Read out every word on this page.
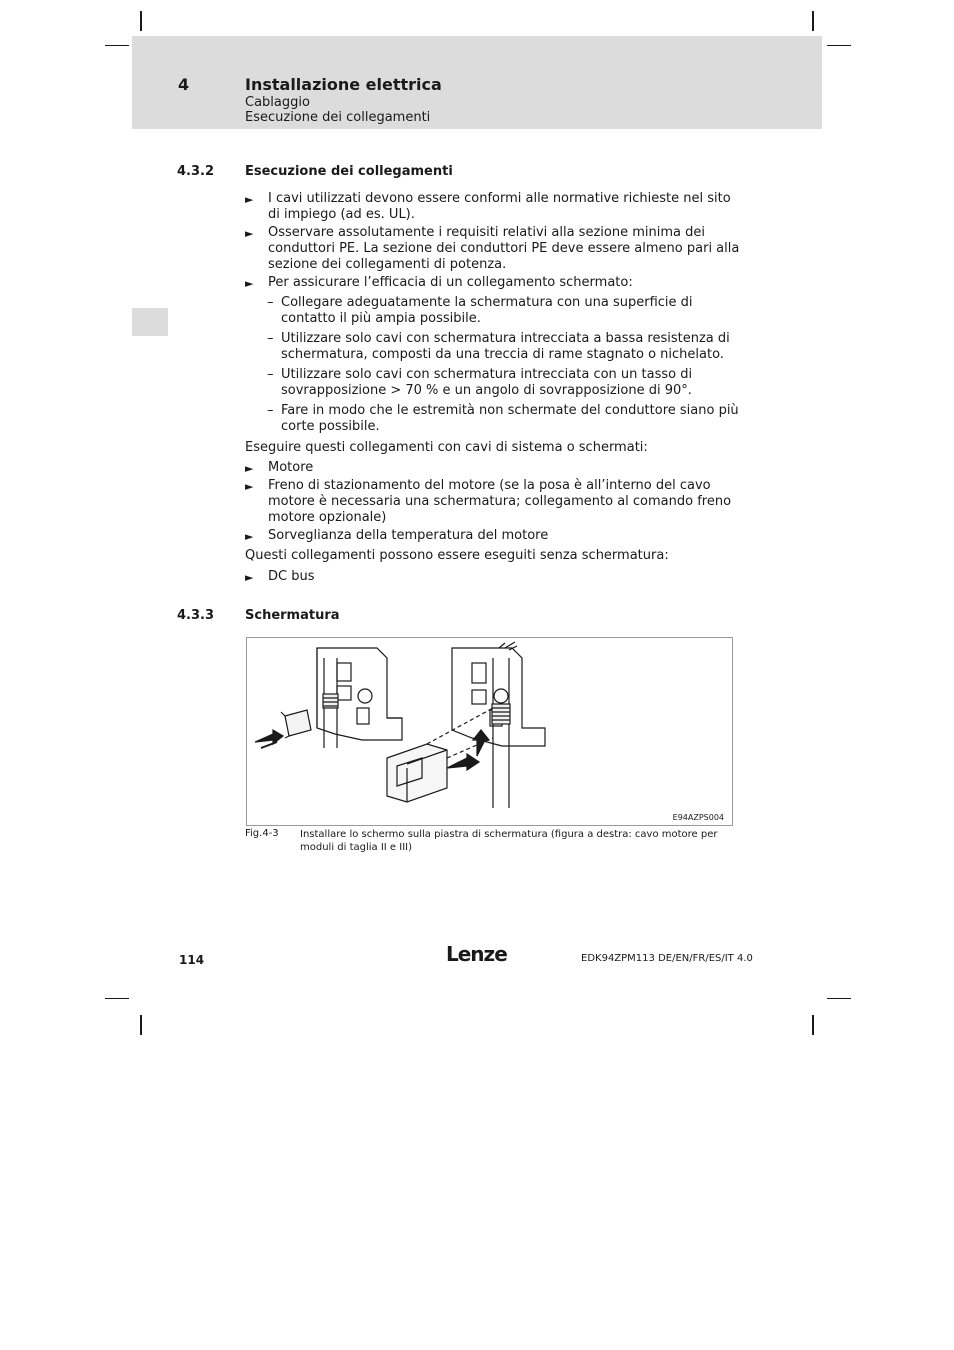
4	Installazione elettrica
Cablaggio
Esecuzione dei collegamenti
4.3.2 Esecuzione dei collegamenti

► I cavi utilizzati devono essere conformi alle normative richieste nel sito di impiego (ad es. UL).

► Osservare assolutamente i requisiti relativi alla sezione minima dei conduttori PE. La sezione dei conduttori PE deve essere almeno pari alla sezione dei collegamenti di potenza.

► Per assicurare l’efficacia di un collegamento schermato:

– Collegare adeguatamente la schermatura con una superficie di contatto il più ampia possibile.

– Utilizzare solo cavi con schermatura intrecciata a bassa resistenza di schermatura, composti da una treccia di rame stagnato o nichelato.

– Utilizzare solo cavi con schermatura intrecciata con un tasso di sovrapposizione > 70 % e un angolo di sovrapposizione di 90°.

– Fare in modo che le estremità non schermate del conduttore siano più corte possibile.

Eseguire questi collegamenti con cavi di sistema o schermati:

► Motore

► Freno di stazionamento del motore (se la posa è all’interno del cavo motore è necessaria una schermatura; collegamento al comando freno motore opzionale)

► Sorveglianza della temperatura del motore

Questi collegamenti possono essere eseguiti senza schermatura:

► DC bus

4.3.3 Schermatura
E94AZPS004
Fig.4-3 Installare lo schermo sulla piastra di schermatura (figura a destra: cavo motore per moduli di taglia II e III)
114	Lenze	EDK94ZPM113 DE/EN/FR/ES/IT 4.0
